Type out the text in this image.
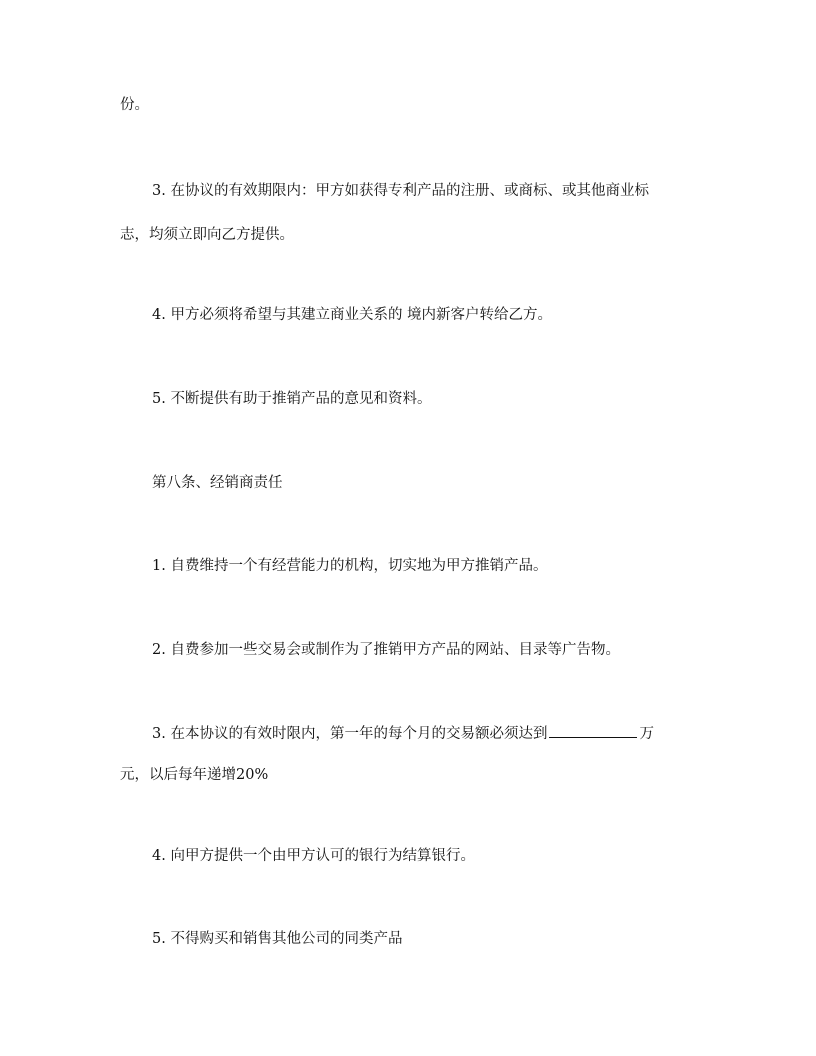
份。
3. 在协议的有效期限内：甲方如获得专利产品的注册、或商标、或其他商业标
志，均须立即向乙方提供。
4. 甲方必须将希望与其建立商业关系的 境内新客户转给乙方。
5. 不断提供有助于推销产品的意见和资料。
第八条、经销商责任
1. 自费维持一个有经营能力的机构，切实地为甲方推销产品。
2. 自费参加一些交易会或制作为了推销甲方产品的网站、目录等广告物。
3. 在本协议的有效时限内，第一年的每个月的交易额必须达到	万
元，以后每年递增20%
4. 向甲方提供一个由甲方认可的银行为结算银行。
5. 不得购买和销售其他公司的同类产品
